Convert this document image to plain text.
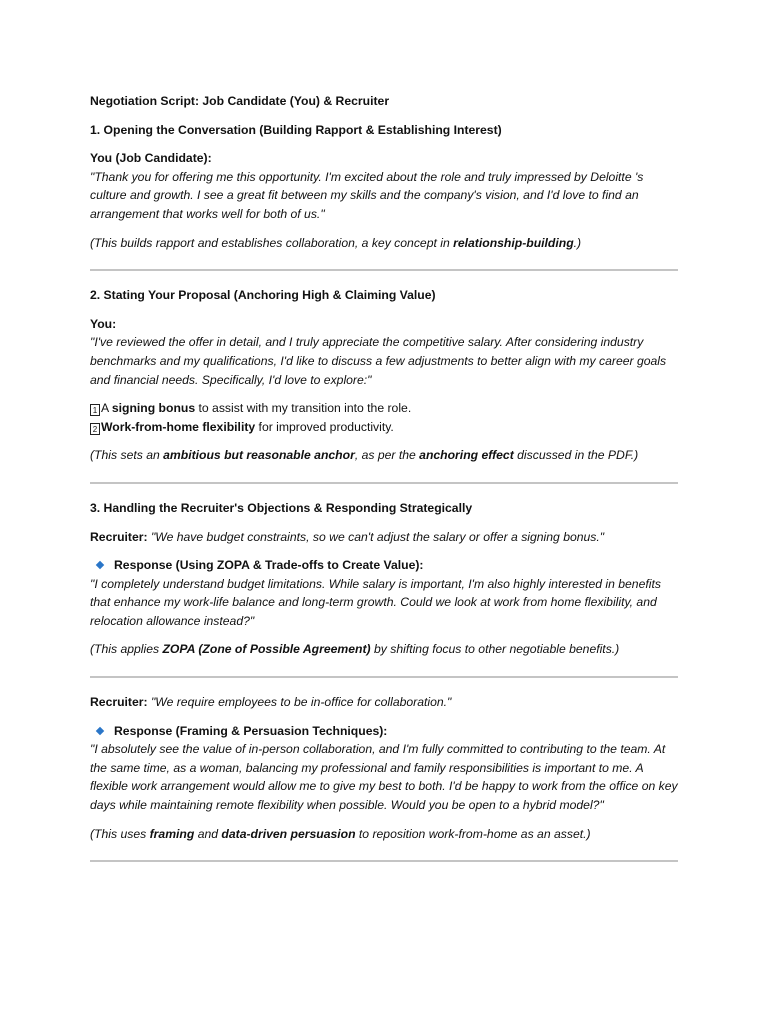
Negotiation Script: Job Candidate (You) & Recruiter

1. Opening the Conversation (Building Rapport & Establishing Interest)

You (Job Candidate):

"Thank you for offering me this opportunity. I'm excited about the role and truly impressed by Deloitte 's culture and growth. I see a great fit between my skills and the company's vision, and I'd love to find an arrangement that works well for both of us."

(This builds rapport and establishes collaboration, a key concept in relationship-building.)

2. Stating Your Proposal (Anchoring High & Claiming Value)

You:

"I've reviewed the offer in detail, and I truly appreciate the competitive salary. After considering industry benchmarks and my qualifications, I'd like to discuss a few adjustments to better align with my career goals and financial needs. Specifically, I'd love to explore:"

1 A signing bonus to assist with my transition into the role.
2 Work-from-home flexibility for improved productivity.

(This sets an ambitious but reasonable anchor, as per the anchoring effect discussed in the PDF.)

3. Handling the Recruiter's Objections & Responding Strategically

Recruiter: "We have budget constraints, so we can't adjust the salary or offer a signing bonus."

Response (Using ZOPA & Trade-offs to Create Value):

"I completely understand budget limitations. While salary is important, I'm also highly interested in benefits that enhance my work-life balance and long-term growth. Could we look at work from home flexibility, and relocation allowance instead?"

(This applies ZOPA (Zone of Possible Agreement) by shifting focus to other negotiable benefits.)

Recruiter: "We require employees to be in-office for collaboration."

Response (Framing & Persuasion Techniques):

"I absolutely see the value of in-person collaboration, and I'm fully committed to contributing to the team. At the same time, as a woman, balancing my professional and family responsibilities is important to me. A flexible work arrangement would allow me to give my best to both. I'd be happy to work from the office on key days while maintaining remote flexibility when possible. Would you be open to a hybrid model?"

(This uses framing and data-driven persuasion to reposition work-from-home as an asset.)
